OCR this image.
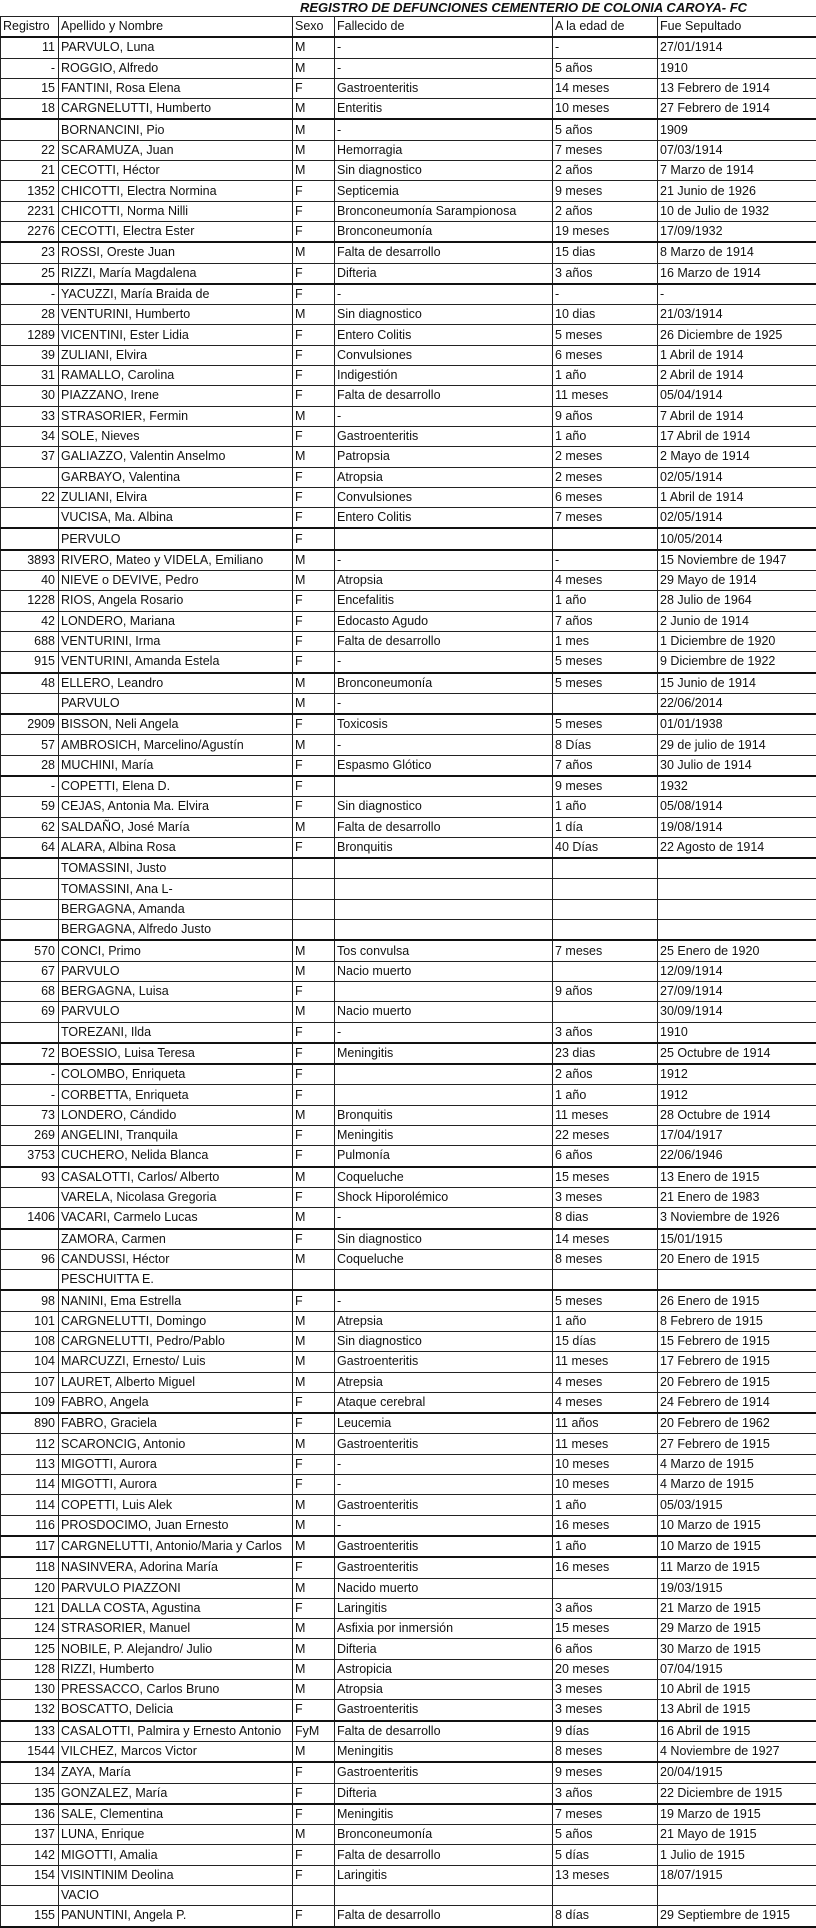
REGISTRO DE DEFUNCIONES CEMENTERIO DE COLONIA CAROYA- FC
Registro	Apellido y Nombre	Sexo	Fallecido de	A la edad de	Fue Sepultado
11	PARVULO, Luna	M	-	-	27/01/1914
-	ROGGIO, Alfredo	M	-	5 años	1910
15	FANTINI, Rosa Elena	F	Gastroenteritis	14 meses	13 Febrero de 1914
18	CARGNELUTTI, Humberto	M	Enteritis	10 meses	27 Febrero de 1914
	BORNANCINI, Pio	M	-	5 años	1909
22	SCARAMUZA, Juan	M	Hemorragia	7 meses	07/03/1914
21	CECOTTI, Héctor	M	Sin diagnostico	2 años	7 Marzo de 1914
1352	CHICOTTI, Electra Normina	F	Septicemia	9 meses	21 Junio de 1926
2231	CHICOTTI, Norma Nilli	F	Bronconeumonía Sarampionosa	2 años	10 de Julio de 1932
2276	CECOTTI, Electra Ester	F	Bronconeumonía	19 meses	17/09/1932
23	ROSSI, Oreste Juan	M	Falta de desarrollo	15 dias	8 Marzo de 1914
25	RIZZI, María Magdalena	F	Difteria	3 años	16 Marzo de 1914
-	YACUZZI, María Braida de	F	-	-	-
28	VENTURINI, Humberto	M	Sin diagnostico	10 dias	21/03/1914
1289	VICENTINI, Ester Lidia	F	Entero Colitis	5 meses	26 Diciembre de 1925
39	ZULIANI, Elvira	F	Convulsiones	6 meses	1 Abril de 1914
31	RAMALLO, Carolina	F	Indigestión	1 año	2 Abril de 1914
30	PIAZZANO, Irene	F	Falta de desarrollo	11 meses	05/04/1914
33	STRASORIER, Fermin	M	-	9 años	7 Abril de 1914
34	SOLE, Nieves	F	Gastroenteritis	1 año	17 Abril de 1914
37	GALIAZZO, Valentin Anselmo	M	Patropsia	2 meses	2 Mayo de 1914
	GARBAYO, Valentina	F	Atropsia	2 meses	02/05/1914
22	ZULIANI, Elvira	F	Convulsiones	6 meses	1 Abril de 1914
	VUCISA, Ma. Albina	F	Entero Colitis	7 meses	02/05/1914
	PERVULO	F			10/05/2014
3893	RIVERO, Mateo y VIDELA, Emiliano	M	-	-	15 Noviembre de 1947
40	NIEVE o DEVIVE, Pedro	M	Atropsia	4 meses	29 Mayo de 1914
1228	RIOS, Angela Rosario	F	Encefalitis	1 año	28 Julio de 1964
42	LONDERO, Mariana	F	Edocasto Agudo	7 años	2 Junio de 1914
688	VENTURINI, Irma	F	Falta de desarrollo	1 mes	1 Diciembre de 1920
915	VENTURINI, Amanda Estela	F	-	5 meses	9 Diciembre de 1922
48	ELLERO, Leandro	M	Bronconeumonía	5 meses	15 Junio de 1914
	PARVULO	M	-		22/06/2014
2909	BISSON, Neli Angela	F	Toxicosis	5 meses	01/01/1938
57	AMBROSICH, Marcelino/Agustín	M	-	8 Días	29 de julio de 1914
28	MUCHINI, María	F	Espasmo Glótico	7 años	30 Julio de 1914
-	COPETTI, Elena D.	F		9 meses	1932
59	CEJAS, Antonia Ma. Elvira	F	Sin diagnostico	1 año	05/08/1914
62	SALDAÑO, José María	M	Falta de desarrollo	1 día	19/08/1914
64	ALARA, Albina Rosa	F	Bronquitis	40 Días	22 Agosto de 1914
	TOMASSINI, Justo				
	TOMASSINI, Ana L-				
	BERGAGNA, Amanda				
	BERGAGNA, Alfredo Justo				
570	CONCI, Primo	M	Tos convulsa	7 meses	25 Enero de 1920
67	PARVULO	M	Nacio muerto		12/09/1914
68	BERGAGNA, Luisa	F		9 años	27/09/1914
69	PARVULO	M	Nacio muerto		30/09/1914
	TOREZANI, Ilda	F	-	3 años	1910
72	BOESSIO, Luisa Teresa	F	Meningitis	23 dias	25 Octubre de 1914
-	COLOMBO, Enriqueta	F		2 años	1912
-	CORBETTA, Enriqueta	F		1 año	1912
73	LONDERO, Cándido	M	Bronquitis	11 meses	28 Octubre de 1914
269	ANGELINI, Tranquila	F	Meningitis	22 meses	17/04/1917
3753	CUCHERO, Nelida Blanca	F	Pulmonía	6 años	22/06/1946
93	CASALOTTI, Carlos/ Alberto	M	Coqueluche	15 meses	13 Enero de 1915
	VARELA, Nicolasa Gregoria	F	Shock Hiporolémico	3 meses	21 Enero de 1983
1406	VACARI, Carmelo Lucas	M	-	8 dias	3 Noviembre de 1926
	ZAMORA, Carmen	F	Sin diagnostico	14 meses	15/01/1915
96	CANDUSSI, Héctor	M	Coqueluche	8 meses	20 Enero de 1915
	PESCHUITTA E.				
98	NANINI, Ema Estrella	F	-	5 meses	26 Enero de 1915
101	CARGNELUTTI, Domingo	M	Atrepsia	1 año	8 Febrero de 1915
108	CARGNELUTTI, Pedro/Pablo	M	Sin diagnostico	15 días	15 Febrero de 1915
104	MARCUZZI, Ernesto/ Luis	M	Gastroenteritis	11 meses	17 Febrero de 1915
107	LAURET, Alberto Miguel	M	Atrepsia	4 meses	20 Febrero de 1915
109	FABRO, Angela	F	Ataque cerebral	4 meses	24 Febrero de 1914
890	FABRO, Graciela	F	Leucemia	11 años	20 Febrero de 1962
112	SCARONCIG, Antonio	M	Gastroenteritis	11 meses	27 Febrero de 1915
113	MIGOTTI, Aurora	F	-	10 meses	4 Marzo de 1915
114	MIGOTTI, Aurora	F	-	10 meses	4 Marzo de 1915
114	COPETTI, Luis Alek	M	Gastroenteritis	1 año	05/03/1915
116	PROSDOCIMO, Juan Ernesto	M	-	16 meses	10 Marzo de 1915
117	CARGNELUTTI, Antonio/Maria y Carlos	M	Gastroenteritis	1 año	10 Marzo de 1915
118	NASINVERA, Adorina María	F	Gastroenteritis	16 meses	11 Marzo de 1915
120	PARVULO PIAZZONI	M	Nacido muerto		19/03/1915
121	DALLA COSTA, Agustina	F	Laringitis	3 años	21 Marzo de 1915
124	STRASORIER, Manuel	M	Asfixia por inmersión	15 meses	29 Marzo de 1915
125	NOBILE, P. Alejandro/ Julio	M	Difteria	6 años	30 Marzo de 1915
128	RIZZI, Humberto	M	Astropicia	20 meses	07/04/1915
130	PRESSACCO, Carlos Bruno	M	Atropsia	3 meses	10 Abril de 1915
132	BOSCATTO, Delicia	F	Gastroenteritis	3 meses	13 Abril de 1915
133	CASALOTTI, Palmira y Ernesto Antonio	FyM	Falta de desarrollo	9 días	16 Abril de 1915
1544	VILCHEZ, Marcos Victor	M	Meningitis	8 meses	4 Noviembre de 1927
134	ZAYA, María	F	Gastroenteritis	9 meses	20/04/1915
135	GONZALEZ, María	F	Difteria	3 años	22 Diciembre de 1915
136	SALE, Clementina	F	Meningitis	7 meses	19 Marzo de 1915
137	LUNA, Enrique	M	Bronconeumonía	5 años	21 Mayo de 1915
142	MIGOTTI, Amalia	F	Falta de desarrollo	5 días	1 Julio de 1915
154	VISINTINIM Deolina	F	Laringitis	13 meses	18/07/1915
	VACIO				
155	PANUNTINI, Angela P.	F	Falta de desarrollo	8 días	29 Septiembre de 1915
